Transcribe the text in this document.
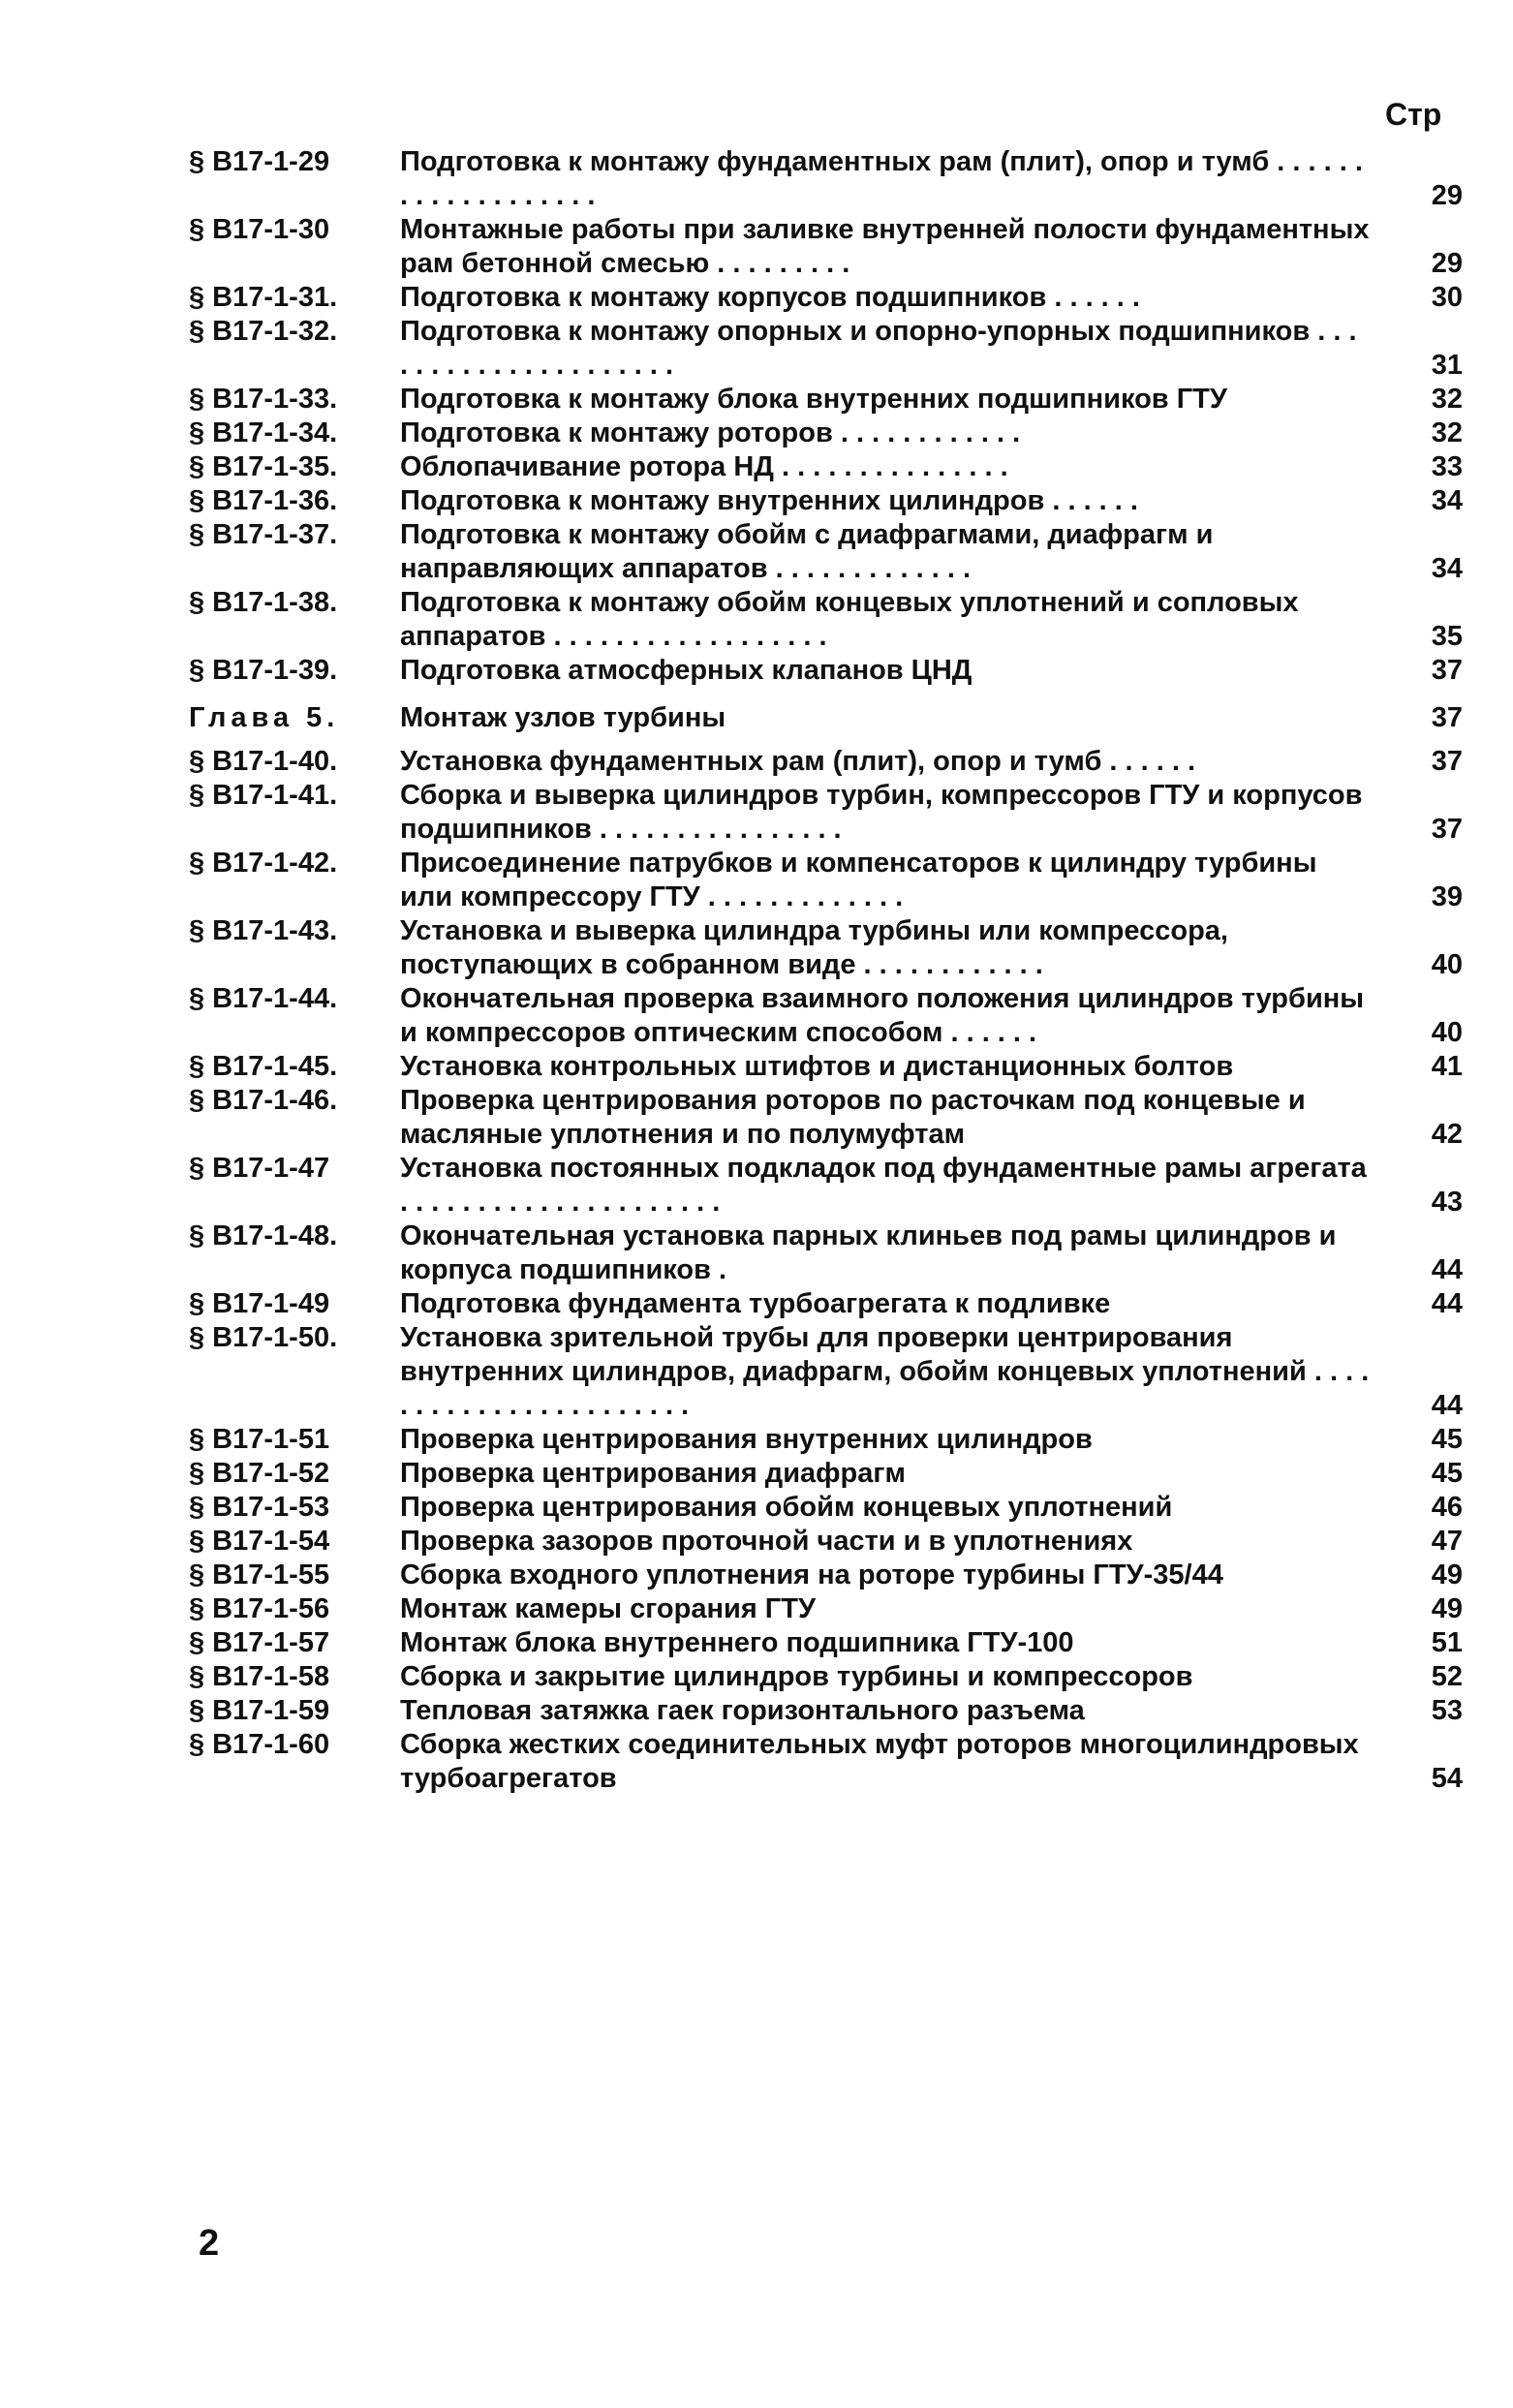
Стр
§ В17-1-29	Подготовка к монтажу фундаментных рам (плит), опор и тумб . . . . . . . . . . . . . . . . . . .	29
§ В17-1-30	Монтажные работы при заливке внутренней полости фундаментных рам бетонной смесью . . . . . . . . .	29
§ В17-1-31.	Подготовка к монтажу корпусов подшипников . . . . . .	30
§ В17-1-32.	Подготовка к монтажу опорных и опорно-упорных подшипников . . . . . . . . . . . . . . . . . . . . .	31
§ В17-1-33.	Подготовка к монтажу блока внутренних подшипников ГТУ	32
§ В17-1-34.	Подготовка к монтажу роторов . . . . . . . . . . . .	32
§ В17-1-35.	Облопачивание ротора НД . . . . . . . . . . . . . . .	33
§ В17-1-36.	Подготовка к монтажу внутренних цилиндров . . . . . .	34
§ В17-1-37.	Подготовка к монтажу обойм с диафрагмами, диафрагм и направляющих аппаратов . . . . . . . . . . . . .	34
§ В17-1-38.	Подготовка к монтажу обойм концевых уплотнений и сопловых аппаратов . . . . . . . . . . . . . . . . . .	35
§ В17-1-39.	Подготовка атмосферных клапанов ЦНД	37
Глава 5.	Монтаж узлов турбины	37
§ В17-1-40.	Установка фундаментных рам (плит), опор и тумб . . . . . .	37
§ В17-1-41.	Сборка и выверка цилиндров турбин, компрессоров ГТУ и корпусов подшипников . . . . . . . . . . . . . . . .	37
§ В17-1-42.	Присоединение патрубков и компенсаторов к цилиндру турбины или компрессору ГТУ . . . . . . . . . . . . .	39
§ В17-1-43.	Установка и выверка цилиндра турбины или компрессора, поступающих в собранном виде . . . . . . . . . . . .	40
§ В17-1-44.	Окончательная проверка взаимного положения цилиндров турбины и компрессоров оптическим способом . . . . . .	40
§ В17-1-45.	Установка контрольных штифтов и дистанционных болтов	41
§ В17-1-46.	Проверка центрирования роторов по расточкам под концевые и масляные уплотнения и по полумуфтам	42
§ В17-1-47	Установка постоянных подкладок под фундаментные рамы агрегата . . . . . . . . . . . . . . . . . . . . .	43
§ В17-1-48.	Окончательная установка парных клиньев под рамы цилиндров и корпуса подшипников .	44
§ В17-1-49	Подготовка фундамента турбоагрегата к подливке	44
§ В17-1-50.	Установка зрительной трубы для проверки центрирования внутренних цилиндров, диафрагм, обойм концевых уплотнений . . . . . . . . . . . . . . . . . . . . . . .	44
§ В17-1-51	Проверка центрирования внутренних цилиндров	45
§ В17-1-52	Проверка центрирования диафрагм	45
§ В17-1-53	Проверка центрирования обойм концевых уплотнений	46
§ В17-1-54	Проверка зазоров проточной части и в уплотнениях	47
§ В17-1-55	Сборка входного уплотнения на роторе турбины ГТУ-35/44	49
§ В17-1-56	Монтаж камеры сгорания ГТУ	49
§ В17-1-57	Монтаж блока внутреннего подшипника ГТУ-100	51
§ В17-1-58	Сборка и закрытие цилиндров турбины и компрессоров	52
§ В17-1-59	Тепловая затяжка гаек горизонтального разъема	53
§ В17-1-60	Сборка жестких соединительных муфт роторов многоцилиндровых турбоагрегатов	54
2
